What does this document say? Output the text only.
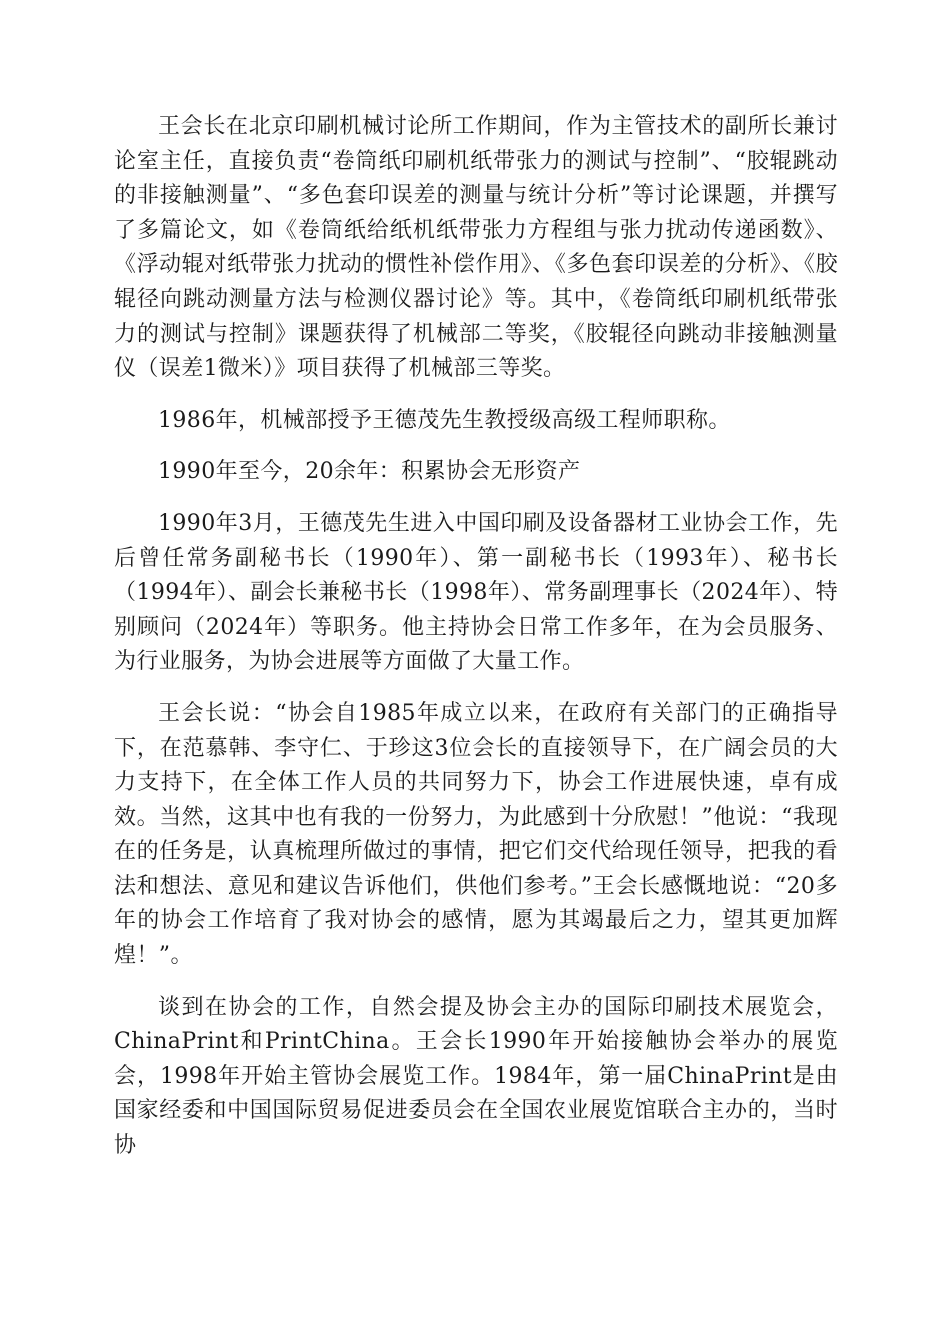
王会长在北京印刷机械讨论所工作期间，作为主管技术的副所长兼讨论室主任，直接负责“卷筒纸印刷机纸带张力的测试与控制”、“胶辊跳动的非接触测量”、“多色套印误差的测量与统计分析”等讨论课题，并撰写了多篇论文，如《卷筒纸给纸机纸带张力方程组与张力扰动传递函数》、《浮动辊对纸带张力扰动的惯性补偿作用》、《多色套印误差的分析》、《胶辊径向跳动测量方法与检测仪器讨论》等。其中，《卷筒纸印刷机纸带张力的测试与控制》课题获得了机械部二等奖，《胶辊径向跳动非接触测量仪（误差1微米）》项目获得了机械部三等奖。

1986年，机械部授予王德茂先生教授级高级工程师职称。

1990年至今，20余年：积累协会无形资产

1990年3月，王德茂先生进入中国印刷及设备器材工业协会工作，先后曾任常务副秘书长（1990年）、第一副秘书长（1993年）、秘书长（1994年）、副会长兼秘书长（1998年）、常务副理事长（2024年）、特别顾问（2024年）等职务。他主持协会日常工作多年，在为会员服务、为行业服务，为协会进展等方面做了大量工作。

王会长说：“协会自1985年成立以来，在政府有关部门的正确指导下，在范慕韩、李守仁、于珍这3位会长的直接领导下，在广阔会员的大力支持下，在全体工作人员的共同努力下，协会工作进展快速，卓有成效。当然，这其中也有我的一份努力，为此感到十分欣慰！”他说：“我现在的任务是，认真梳理所做过的事情，把它们交代给现任领导，把我的看法和想法、意见和建议告诉他们，供他们参考。”王会长感慨地说：“20多年的协会工作培育了我对协会的感情，愿为其竭最后之力，望其更加辉煌！”。

谈到在协会的工作，自然会提及协会主办的国际印刷技术展览会，ChinaPrint和PrintChina。王会长1990年开始接触协会举办的展览会，1998年开始主管协会展览工作。1984年，第一届ChinaPrint是由国家经委和中国国际贸易促进委员会在全国农业展览馆联合主办的，当时协
